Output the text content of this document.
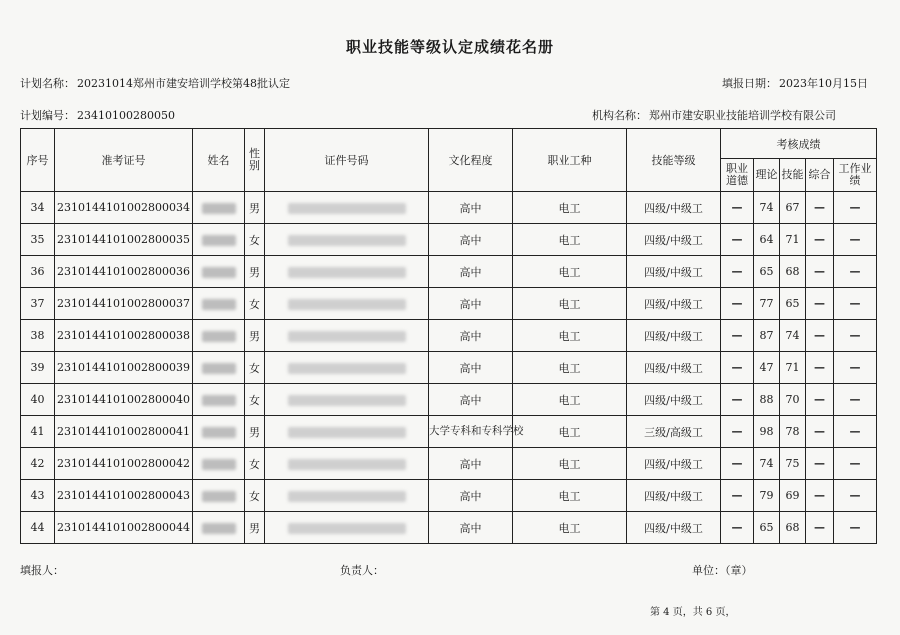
职业技能等级认定成绩花名册
计划名称： 20231014郑州市建安培训学校第48批认定	填报日期： 2023年10月15日
计划编号： 23410100280050	机构名称： 郑州市建安职业技能培训学校有限公司
序号	准考证号	姓名	性别	证件号码	文化程度	职业工种	技能等级	考核成绩				
								职业道德	理论	技能	综合	工作业绩
34	231014410100280003​4		男		高中	电工	四级/中级工	—	74	67	—	—
35	2310144101002800035		女		高中	电工	四级/中级工	—	64	71	—	—
36	2310144101002800036		男		高中	电工	四级/中级工	—	65	68	—	—
37	2310144101002800037		女		高中	电工	四级/中级工	—	77	65	—	—
38	2310144101002800038		男		高中	电工	四级/中级工	—	87	74	—	—
39	2310144101002800039		女		高中	电工	四级/中级工	—	47	71	—	—
40	2310144101002800040		女		高中	电工	四级/中级工	—	88	70	—	—
41	2310144101002800041		男		大学专科和专科学校	电工	三级/高级工	—	98	78	—	—
42	2310144101002800042		女		高中	电工	四级/中级工	—	74	75	—	—
43	2310144101002800043		女		高中	电工	四级/中级工	—	79	69	—	—
44	2310144101002800044		男		高中	电工	四级/中级工	—	65	68	—	—
填报人：	负责人：	单位：（章）
第 4 页，共 6 页，
